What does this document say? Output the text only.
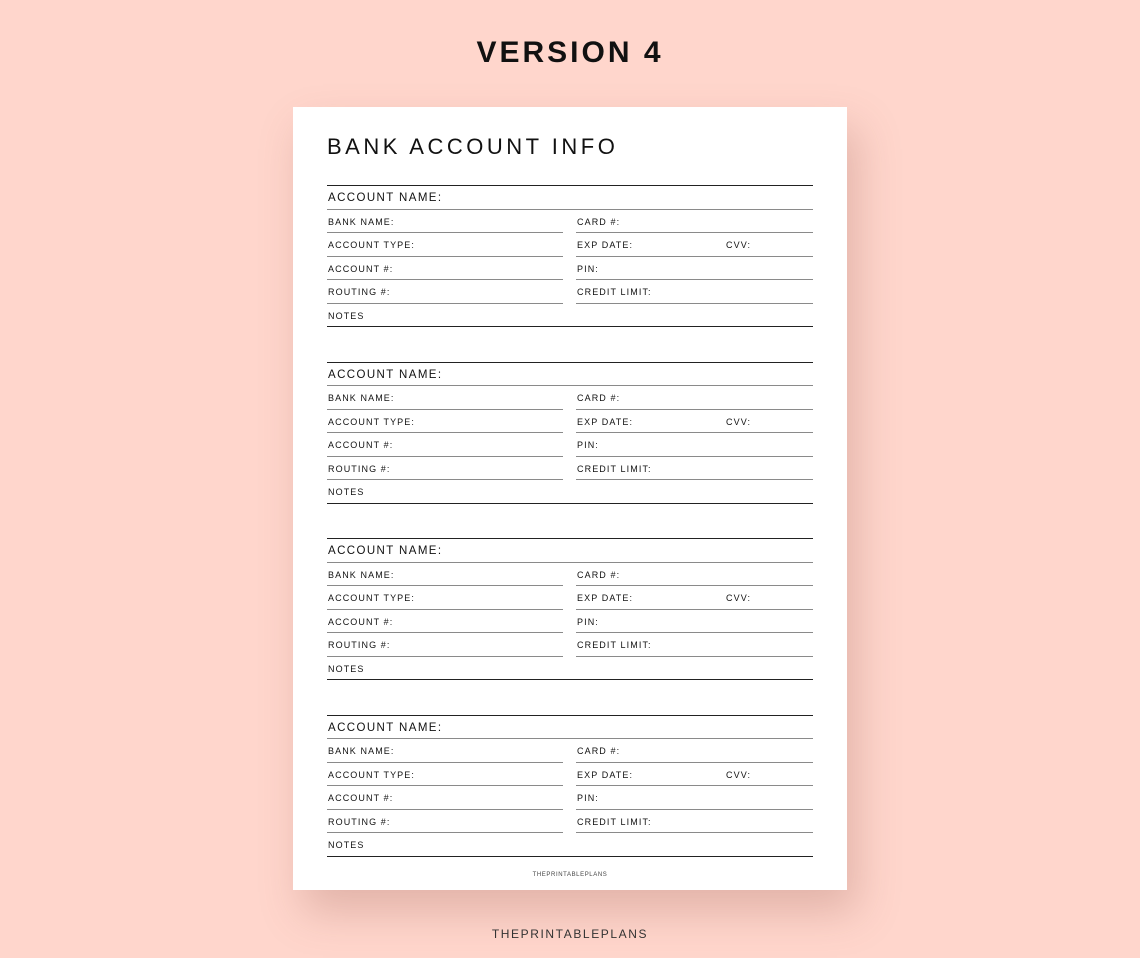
VERSION 4
BANK ACCOUNT INFO
ACCOUNT NAME:
BANK NAME:	CARD #:
ACCOUNT TYPE:	EXP DATE:	CVV:
ACCOUNT #:	PIN:
ROUTING #:	CREDIT LIMIT:
NOTES
ACCOUNT NAME:
BANK NAME:	CARD #:
ACCOUNT TYPE:	EXP DATE:	CVV:
ACCOUNT #:	PIN:
ROUTING #:	CREDIT LIMIT:
NOTES
ACCOUNT NAME:
BANK NAME:	CARD #:
ACCOUNT TYPE:	EXP DATE:	CVV:
ACCOUNT #:	PIN:
ROUTING #:	CREDIT LIMIT:
NOTES
ACCOUNT NAME:
BANK NAME:	CARD #:
ACCOUNT TYPE:	EXP DATE:	CVV:
ACCOUNT #:	PIN:
ROUTING #:	CREDIT LIMIT:
NOTES
THEPRINTABLEPLANS
THEPRINTABLEPLANS
